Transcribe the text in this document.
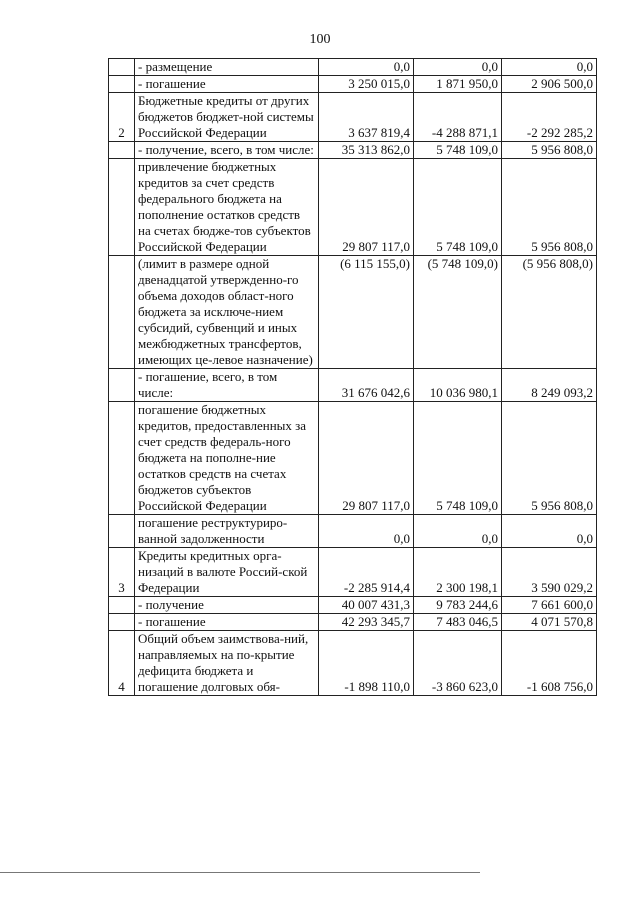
100
	- размещение	0,0	0,0	0,0
	- погашение	3 250 015,0	1 871 950,0	2 906 500,0
2	Бюджетные кредиты от других бюджетов бюджет-ной системы Российской Федерации	3 637 819,4	-4 288 871,1	-2 292 285,2
	- получение, всего, в том числе:	35 313 862,0	5 748 109,0	5 956 808,0
	привлечение бюджетных кредитов за счет средств федерального бюджета на пополнение остатков средств на счетах бюдже-тов субъектов Российской Федерации	29 807 117,0	5 748 109,0	5 956 808,0
	(лимит в размере одной двенадцатой утвержденно-го объема доходов област-ного бюджета за исключе-нием субсидий, субвенций и иных межбюджетных трансфертов, имеющих це-левое назначение)	(6 115 155,0)	(5 748 109,0)	(5 956 808,0)
	- погашение, всего, в том числе:	31 676 042,6	10 036 980,1	8 249 093,2
	погашение бюджетных кредитов, предоставленных за счет средств федераль-ного бюджета на пополне-ние остатков средств на счетах бюджетов субъектов Российской Федерации	29 807 117,0	5 748 109,0	5 956 808,0
	погашение реструктуриро-ванной задолженности	0,0	0,0	0,0
3	Кредиты кредитных орга-низаций в валюте Россий-ской Федерации	-2 285 914,4	2 300 198,1	3 590 029,2
	- получение	40 007 431,3	9 783 244,6	7 661 600,0
	- погашение	42 293 345,7	7 483 046,5	4 071 570,8
4	Общий объем заимствова-ний, направляемых на по-крытие дефицита бюджета и погашение долговых обя-	-1 898 110,0	-3 860 623,0	-1 608 756,0
